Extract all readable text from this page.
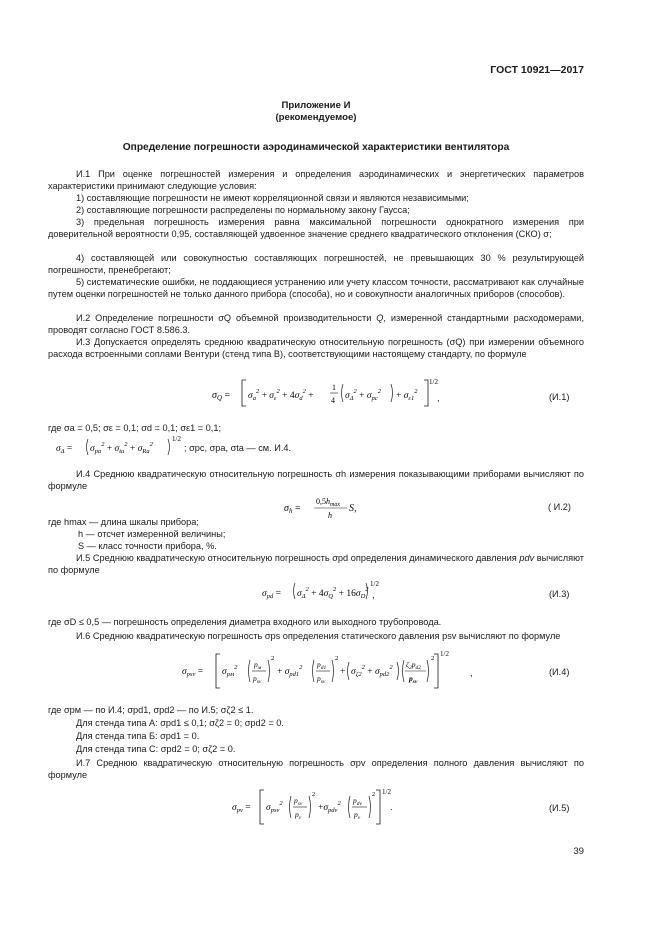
ГОСТ 10921—2017
Приложение И
(рекомендуемое)
Определение погрешности аэродинамической характеристики вентилятора
И.1 При оценке погрешностей измерения и определения аэродинамических и энергетических параметров характеристики принимают следующие условия:
1) составляющие погрешности не имеют корреляционной связи и являются независимыми;
2) составляющие погрешности распределены по нормальному закону Гаусса;
3) предельная погрешность измерения равна максимальной погрешности однократного измерения при доверительной вероятности 0,95, составляющей удвоенное значение среднего квадратического отклонения (СКО) σ;
4) составляющей или совокупностью составляющих погрешностей, не превышающих 30 % результирующей погрешности, пренебрегают;
5) систематические ошибки, не поддающиеся устранению или учету классом точности, рассматривают как случайные путем оценки погрешностей не только данного прибора (способа), но и совокупности аналогичных приборов (способов).
И.2 Определение погрешности σQ объемной производительности Q, измеренной стандартными расходомерами, проводят согласно ГОСТ 8.586.3.
И.3 Допускается определять среднюю квадратическую относительную погрешность (σQ) при измерении объемного расхода встроенными соплами Вентури (стенд типа В), соответствующими настоящему стандарту, по формуле
$\sigma_Q = \sigma_a^2 + \sigma_\varepsilon^2 + 4\sigma_d^2$ +
1
4 $\sigma_\Delta^2 + \sigma_{pc}^2 + \sigma_{\varepsilon 1}^2$
1/2
,	(И.1)
где σa = 0,5; σε = 0,1; σd = 0,1; σε1 = 0,1;
$\sigma_\Delta = \sigma_{pa}^2 + \sigma_{ta}^2 + \sigma_{Ra}^2$
1/2
; σpc, σpa, σta — см. И.4.
И.4 Среднюю квадратическую относительную погрешность σh измерения показывающими приборами вычисляют по формуле
$\sigma_h$ =
$0,5h_{max}$
h
S,	( И.2)
где hmax — длина шкалы прибора;
h — отсчет измеренной величины;
S — класс точности прибора, %.
И.5 Среднюю квадратическую относительную погрешность σpd определения динамического давления pdv вычисляют по формуле
$\sigma_{pd} = \sigma_\Delta^2 + 4\sigma_Q^2 + 16\sigma_D^2$
1/2
,	(И.3)
где σD ≤ 0,5 — погрешность определения диаметра входного или выходного трубопровода.
И.6 Среднюю квадратическую погрешность σps определения статического давления psv вычисляют по формуле
$\sigma_{psv} = \sigma_{pм}^2$ $p_м$
$p_{sv}$
2
+ $\sigma_{pd1}^2$ $p_{d1}$
$p_{sv}$
2
+ $\sigma_{\zeta 2}^2 + \sigma_{pd2}^2$ $\zeta_2p_{d2}$
$p_{sv}$
2
1/2
,	(И.4)
где σpм — по И.4; σpd1, σpd2 — по И.5; σζ2 ≤ 1.
Для стенда типа А: σpd1 ≤ 0,1; σζ2 = 0; σpd2 = 0.
Для стенда типа Б: σpd1 = 0.
Для стенда типа С: σpd2 = 0; σζ2 = 0.
И.7 Среднюю квадратическую относительную погрешность σpv определения полного давления вычисляют по формуле
$\sigma_{pv} = \sigma_{psv}^2$ $p_{sv}$
$p_v$
2
$+\sigma_{pdv}^2$ $p_{dv}$
$p_v$
2 1/2
.	(И.5)
39
